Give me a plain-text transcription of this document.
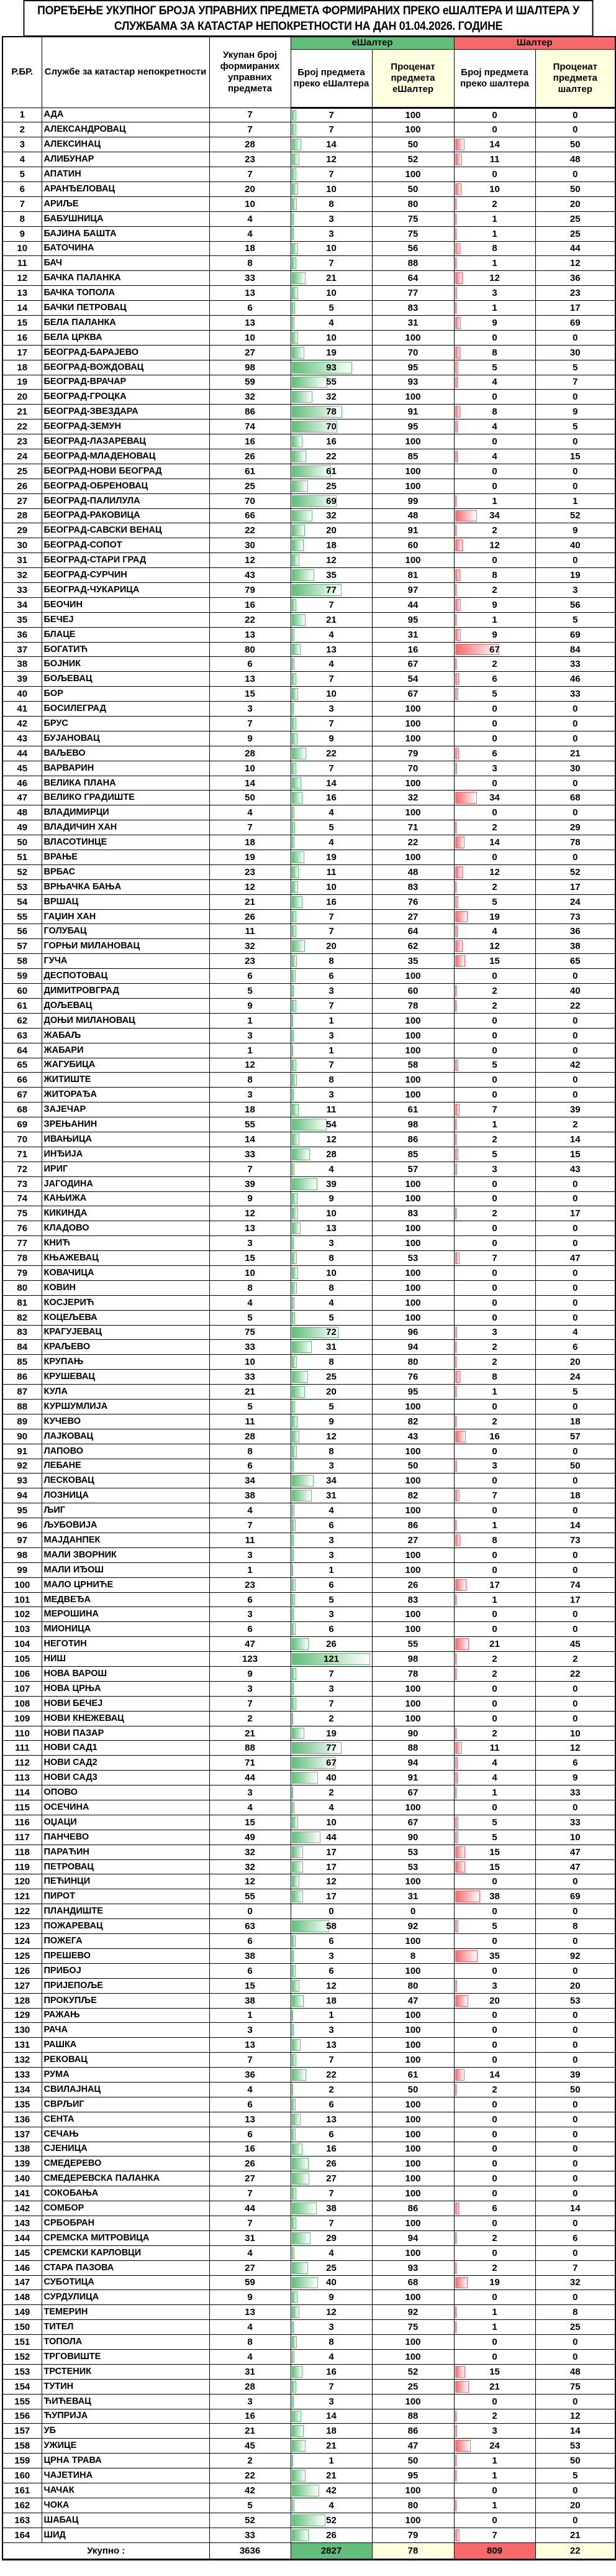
ПОРЕЂЕЊЕ УКУПНОГ БРОЈА УПРАВНИХ ПРЕДМЕТА ФОРМИРАНИХ ПРЕКО еШАЛТЕРА И ШАЛТЕРА У СЛУЖБАМА ЗА КАТАСТАР НЕПОКРЕТНОСТИ НА ДАН 01.04.2026. ГОДИНЕ
Р.БР.	Службе за катастар непокретности	Укупан број формираних управних предмета	еШалтер		Шалтер	
			Број предмета преко еШалтера	Проценат предмета еШалтер	Број предмета преко шалтера	Проценат предмета шалтер
1	АДА	7	7	100	0	0
2	АЛЕКСАНДРОВАЦ	7	7	100	0	0
3	АЛЕКСИНАЦ	28	14	50	14	50
4	АЛИБУНАР	23	12	52	11	48
5	АПАТИН	7	7	100	0	0
6	АРАНЂЕЛОВАЦ	20	10	50	10	50
7	АРИЉЕ	10	8	80	2	20
8	БАБУШНИЦА	4	3	75	1	25
9	БАЈИНА БАШТА	4	3	75	1	25
10	БАТОЧИНА	18	10	56	8	44
11	БАЧ	8	7	88	1	12
12	БАЧКА ПАЛАНКА	33	21	64	12	36
13	БАЧКА ТОПОЛА	13	10	77	3	23
14	БАЧКИ ПЕТРОВАЦ	6	5	83	1	17
15	БЕЛА ПАЛАНКА	13	4	31	9	69
16	БЕЛА ЦРКВА	10	10	100	0	0
17	БЕОГРАД-БАРАЈЕВО	27	19	70	8	30
18	БЕОГРАД-ВОЖДОВАЦ	98	93	95	5	5
19	БЕОГРАД-ВРАЧАР	59	55	93	4	7
20	БЕОГРАД-ГРОЦКА	32	32	100	0	0
21	БЕОГРАД-ЗВЕЗДАРА	86	78	91	8	9
22	БЕОГРАД-ЗЕМУН	74	70	95	4	5
23	БЕОГРАД-ЛАЗАРЕВАЦ	16	16	100	0	0
24	БЕОГРАД-МЛАДЕНОВАЦ	26	22	85	4	15
25	БЕОГРАД-НОВИ БЕОГРАД	61	61	100	0	0
26	БЕОГРАД-ОБРЕНОВАЦ	25	25	100	0	0
27	БЕОГРАД-ПАЛИЛУЛА	70	69	99	1	1
28	БЕОГРАД-РАКОВИЦА	66	32	48	34	52
29	БЕОГРАД-САВСКИ ВЕНАЦ	22	20	91	2	9
30	БЕОГРАД-СОПОТ	30	18	60	12	40
31	БЕОГРАД-СТАРИ ГРАД	12	12	100	0	0
32	БЕОГРАД-СУРЧИН	43	35	81	8	19
33	БЕОГРАД-ЧУКАРИЦА	79	77	97	2	3
34	БЕОЧИН	16	7	44	9	56
35	БЕЧЕЈ	22	21	95	1	5
36	БЛАЦЕ	13	4	31	9	69
37	БОГАТИЋ	80	13	16	67	84
38	БОЈНИК	6	4	67	2	33
39	БОЉЕВАЦ	13	7	54	6	46
40	БОР	15	10	67	5	33
41	БОСИЛЕГРАД	3	3	100	0	0
42	БРУС	7	7	100	0	0
43	БУЈАНОВАЦ	9	9	100	0	0
44	ВАЉЕВО	28	22	79	6	21
45	ВАРВАРИН	10	7	70	3	30
46	ВЕЛИКА ПЛАНА	14	14	100	0	0
47	ВЕЛИКО ГРАДИШТЕ	50	16	32	34	68
48	ВЛАДИМИРЦИ	4	4	100	0	0
49	ВЛАДИЧИН ХАН	7	5	71	2	29
50	ВЛАСОТИНЦЕ	18	4	22	14	78
51	ВРАЊЕ	19	19	100	0	0
52	ВРБАС	23	11	48	12	52
53	ВРЊАЧКА БАЊА	12	10	83	2	17
54	ВРШАЦ	21	16	76	5	24
55	ГАЏИН ХАН	26	7	27	19	73
56	ГОЛУБАЦ	11	7	64	4	36
57	ГОРЊИ МИЛАНОВАЦ	32	20	62	12	38
58	ГУЧА	23	8	35	15	65
59	ДЕСПОТОВАЦ	6	6	100	0	0
60	ДИМИТРОВГРАД	5	3	60	2	40
61	ДОЉЕВАЦ	9	7	78	2	22
62	ДОЊИ МИЛАНОВАЦ	1	1	100	0	0
63	ЖАБАЉ	3	3	100	0	0
64	ЖАБАРИ	1	1	100	0	0
65	ЖАГУБИЦА	12	7	58	5	42
66	ЖИТИШТЕ	8	8	100	0	0
67	ЖИТОРАЂА	3	3	100	0	0
68	ЗАЈЕЧАР	18	11	61	7	39
69	ЗРЕЊАНИН	55	54	98	1	2
70	ИВАЊИЦА	14	12	86	2	14
71	ИНЂИЈА	33	28	85	5	15
72	ИРИГ	7	4	57	3	43
73	ЈАГОДИНА	39	39	100	0	0
74	КАЊИЖА	9	9	100	0	0
75	КИКИНДА	12	10	83	2	17
76	КЛАДОВО	13	13	100	0	0
77	КНИЋ	3	3	100	0	0
78	КЊАЖЕВАЦ	15	8	53	7	47
79	КОВАЧИЦА	10	10	100	0	0
80	КОВИН	8	8	100	0	0
81	КОСЈЕРИЋ	4	4	100	0	0
82	КОЦЕЉЕВА	5	5	100	0	0
83	КРАГУЈЕВАЦ	75	72	96	3	4
84	КРАЉЕВО	33	31	94	2	6
85	КРУПАЊ	10	8	80	2	20
86	КРУШЕВАЦ	33	25	76	8	24
87	КУЛА	21	20	95	1	5
88	КУРШУМЛИЈА	5	5	100	0	0
89	КУЧЕВО	11	9	82	2	18
90	ЛАЈКОВАЦ	28	12	43	16	57
91	ЛАПОВО	8	8	100	0	0
92	ЛЕБАНЕ	6	3	50	3	50
93	ЛЕСКОВАЦ	34	34	100	0	0
94	ЛОЗНИЦА	38	31	82	7	18
95	ЉИГ	4	4	100	0	0
96	ЉУБОВИЈА	7	6	86	1	14
97	МАЈДАНПЕК	11	3	27	8	73
98	МАЛИ ЗВОРНИК	3	3	100	0	0
99	МАЛИ ИЂОШ	1	1	100	0	0
100	МАЛО ЦРНИЋЕ	23	6	26	17	74
101	МЕДВЕЂА	6	5	83	1	17
102	МЕРОШИНА	3	3	100	0	0
103	МИОНИЦА	6	6	100	0	0
104	НЕГОТИН	47	26	55	21	45
105	НИШ	123	121	98	2	2
106	НОВА ВАРОШ	9	7	78	2	22
107	НОВА ЦРЊА	3	3	100	0	0
108	НОВИ БЕЧЕЈ	7	7	100	0	0
109	НОВИ КНЕЖЕВАЦ	2	2	100	0	0
110	НОВИ ПАЗАР	21	19	90	2	10
111	НОВИ САД1	88	77	88	11	12
112	НОВИ САД2	71	67	94	4	6
113	НОВИ САД3	44	40	91	4	9
114	ОПОВО	3	2	67	1	33
115	ОСЕЧИНА	4	4	100	0	0
116	ОЏАЦИ	15	10	67	5	33
117	ПАНЧЕВО	49	44	90	5	10
118	ПАРАЋИН	32	17	53	15	47
119	ПЕТРОВАЦ	32	17	53	15	47
120	ПЕЋИНЦИ	12	12	100	0	0
121	ПИРОТ	55	17	31	38	69
122	ПЛАНДИШТЕ	0	0	0	0	0
123	ПОЖАРЕВАЦ	63	58	92	5	8
124	ПОЖЕГА	6	6	100	0	0
125	ПРЕШЕВО	38	3	8	35	92
126	ПРИБОЈ	6	6	100	0	0
127	ПРИЈЕПОЉЕ	15	12	80	3	20
128	ПРОКУПЉЕ	38	18	47	20	53
129	РАЖАЊ	1	1	100	0	0
130	РАЧА	3	3	100	0	0
131	РАШКА	13	13	100	0	0
132	РЕКОВАЦ	7	7	100	0	0
133	РУМА	36	22	61	14	39
134	СВИЛАЈНАЦ	4	2	50	2	50
135	СВРЉИГ	6	6	100	0	0
136	СЕНТА	13	13	100	0	0
137	СЕЧАЊ	6	6	100	0	0
138	СЈЕНИЦА	16	16	100	0	0
139	СМЕДЕРЕВО	26	26	100	0	0
140	СМЕДЕРЕВСКА ПАЛАНКА	27	27	100	0	0
141	СОКОБАЊА	7	7	100	0	0
142	СОМБОР	44	38	86	6	14
143	СРБОБРАН	7	7	100	0	0
144	СРЕМСКА МИТРОВИЦА	31	29	94	2	6
145	СРЕМСКИ КАРЛОВЦИ	4	4	100	0	0
146	СТАРА ПАЗОВА	27	25	93	2	7
147	СУБОТИЦА	59	40	68	19	32
148	СУРДУЛИЦА	9	9	100	0	0
149	ТЕМЕРИН	13	12	92	1	8
150	ТИТЕЛ	4	3	75	1	25
151	ТОПОЛА	8	8	100	0	0
152	ТРГОВИШТЕ	4	4	100	0	0
153	ТРСТЕНИК	31	16	52	15	48
154	ТУТИН	28	7	25	21	75
155	ЋИЋЕВАЦ	3	3	100	0	0
156	ЋУПРИЈА	16	14	88	2	12
157	УБ	21	18	86	3	14
158	УЖИЦЕ	45	21	47	24	53
159	ЦРНА ТРАВА	2	1	50	1	50
160	ЧАЈЕТИНА	22	21	95	1	5
161	ЧАЧАК	42	42	100	0	0
162	ЧОКА	5	4	80	1	20
163	ШАБАЦ	52	52	100	0	0
164	ШИД	33	26	79	7	21
Укупно :		3636	2827	78	809	22
